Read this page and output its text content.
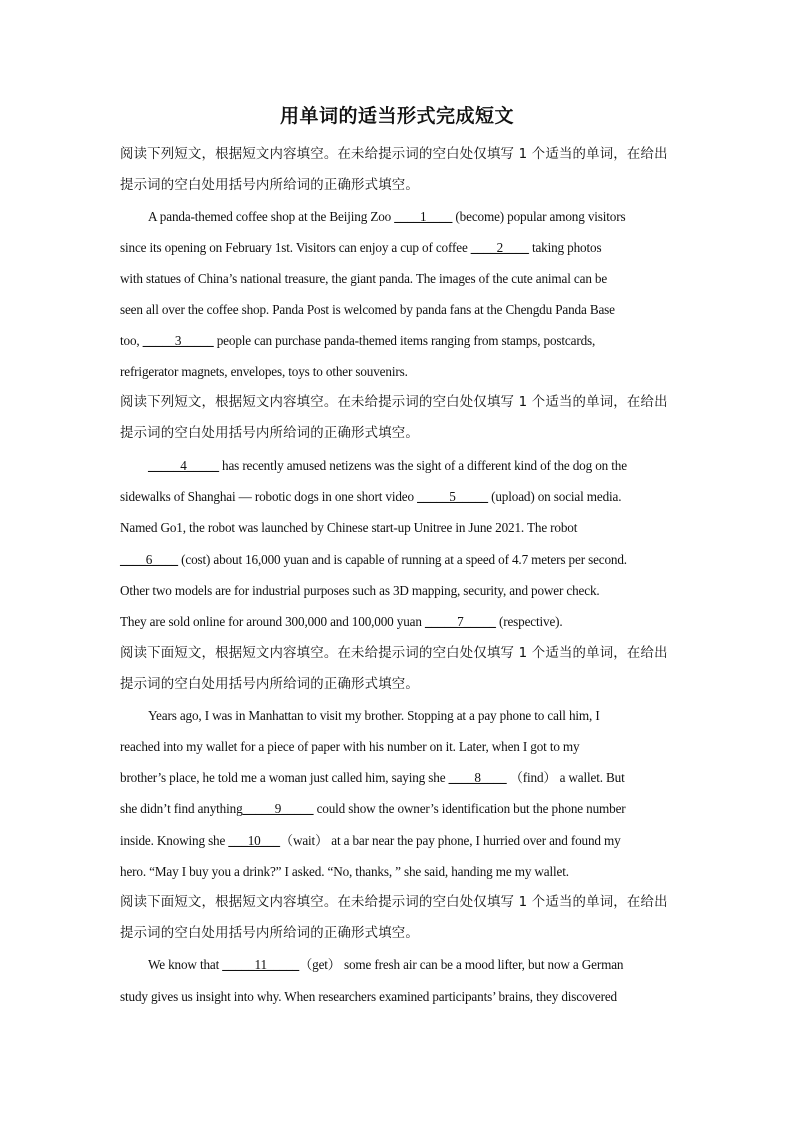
用单词的适当形式完成短文
阅读下列短文，根据短文内容填空。在未给提示词的空白处仅填写 1 个适当的单词，在给出
提示词的空白处用括号内所给词的正确形式填空。
A panda-themed coffee shop at the Beijing Zoo ____1____ (become) popular among visitors
since its opening on February 1st. Visitors can enjoy a cup of coffee ____2____ taking photos
with statues of China’s national treasure, the giant panda. The images of the cute animal can be
seen all over the coffee shop. Panda Post is welcomed by panda fans at the Chengdu Panda Base
too, _____3_____ people can purchase panda-themed items ranging from stamps, postcards,
refrigerator magnets, envelopes, toys to other souvenirs.
阅读下列短文，根据短文内容填空。在未给提示词的空白处仅填写 1 个适当的单词，在给出
提示词的空白处用括号内所给词的正确形式填空。
_____4_____ has recently amused netizens was the sight of a different kind of the dog on the
sidewalks of Shanghai — robotic dogs in one short video _____5_____ (upload) on social media.
Named Go1, the robot was launched by Chinese start-up Unitree in June 2021. The robot
____6____ (cost) about 16,000 yuan and is capable of running at a speed of 4.7 meters per second.
Other two models are for industrial purposes such as 3D mapping, security, and power check.
They are sold online for around 300,000 and 100,000 yuan _____7_____ (respective).
阅读下面短文，根据短文内容填空。在未给提示词的空白处仅填写 1 个适当的单词，在给出
提示词的空白处用括号内所给词的正确形式填空。
Years ago, I was in Manhattan to visit my brother. Stopping at a pay phone to call him, I
reached into my wallet for a piece of paper with his number on it. Later, when I got to my
brother’s place, he told me a woman just called him, saying she ____8____ （find） a wallet. But
she didn’t find anything_____9_____ could show the owner’s identification but the phone number
inside. Knowing she ___10___（wait） at a bar near the pay phone, I hurried over and found my
hero. “May I buy you a drink?” I asked. “No, thanks, ” she said, handing me my wallet.
阅读下面短文，根据短文内容填空。在未给提示词的空白处仅填写 1 个适当的单词，在给出
提示词的空白处用括号内所给词的正确形式填空。
We know that _____11_____（get） some fresh air can be a mood lifter, but now a German
study gives us insight into why. When researchers examined participants’ brains, they discovered
